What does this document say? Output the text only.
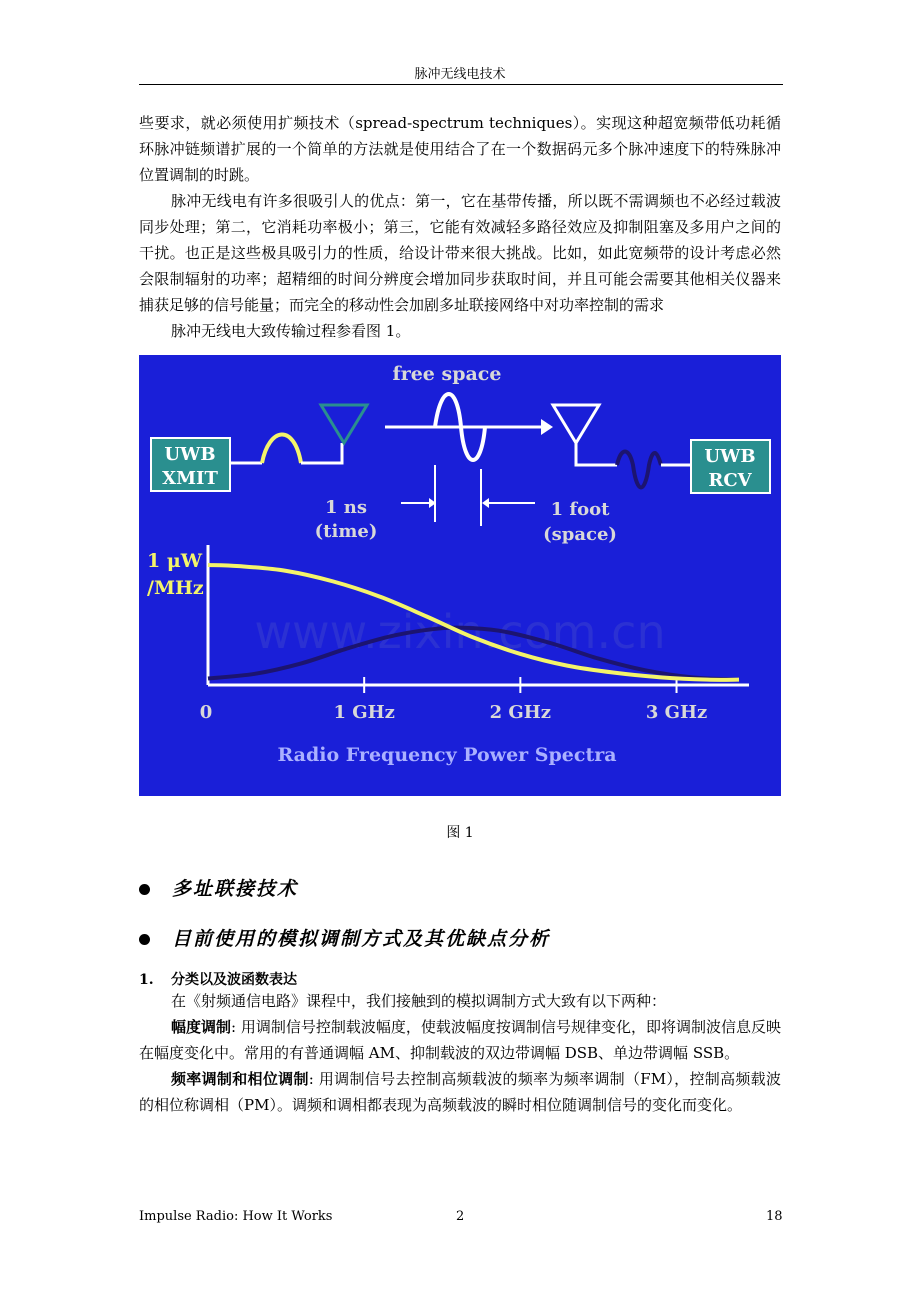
脉冲无线电技术

些要求，就必须使用扩频技术（spread-spectrum techniques）。实现这种超宽频带低功耗循环脉冲链频谱扩展的一个简单的方法就是使用结合了在一个数据码元多个脉冲速度下的特殊脉冲位置调制的时跳。

脉冲无线电有许多很吸引人的优点：第一，它在基带传播，所以既不需调频也不必经过载波同步处理；第二，它消耗功率极小；第三，它能有效减轻多路径效应及抑制阻塞及多用户之间的干扰。也正是这些极具吸引力的性质，给设计带来很大挑战。比如，如此宽频带的设计考虑必然会限制辐射的功率；超精细的时间分辨度会增加同步获取时间，并且可能会需要其他相关仪器来捕获足够的信号能量；而完全的移动性会加剧多址联接网络中对功率控制的需求

脉冲无线电大致传输过程参看图 1。

free space
UWB
XMIT
UWB
RCV
1 ns
(time)
1 foot
(space)
1 μW
/MHz
www.zixin.com.cn
0	1 GHz	2 GHz	3 GHz
Radio Frequency Power Spectra
图 1
多址联接技术
目前使用的模拟调制方式及其优缺点分析
1. 分类以及波函数表达

在《射频通信电路》课程中，我们接触到的模拟调制方式大致有以下两种：

幅度调制: 用调制信号控制载波幅度，使载波幅度按调制信号规律变化，即将调制波信息反映在幅度变化中。常用的有普通调幅 AM、抑制载波的双边带调幅 DSB、单边带调幅 SSB。

频率调制和相位调制: 用调制信号去控制高频载波的频率为频率调制（FM），控制高频载波的相位称调相（PM）。调频和调相都表现为高频载波的瞬时相位随调制信号的变化而变化。

Impulse Radio: How It Works	2	18
